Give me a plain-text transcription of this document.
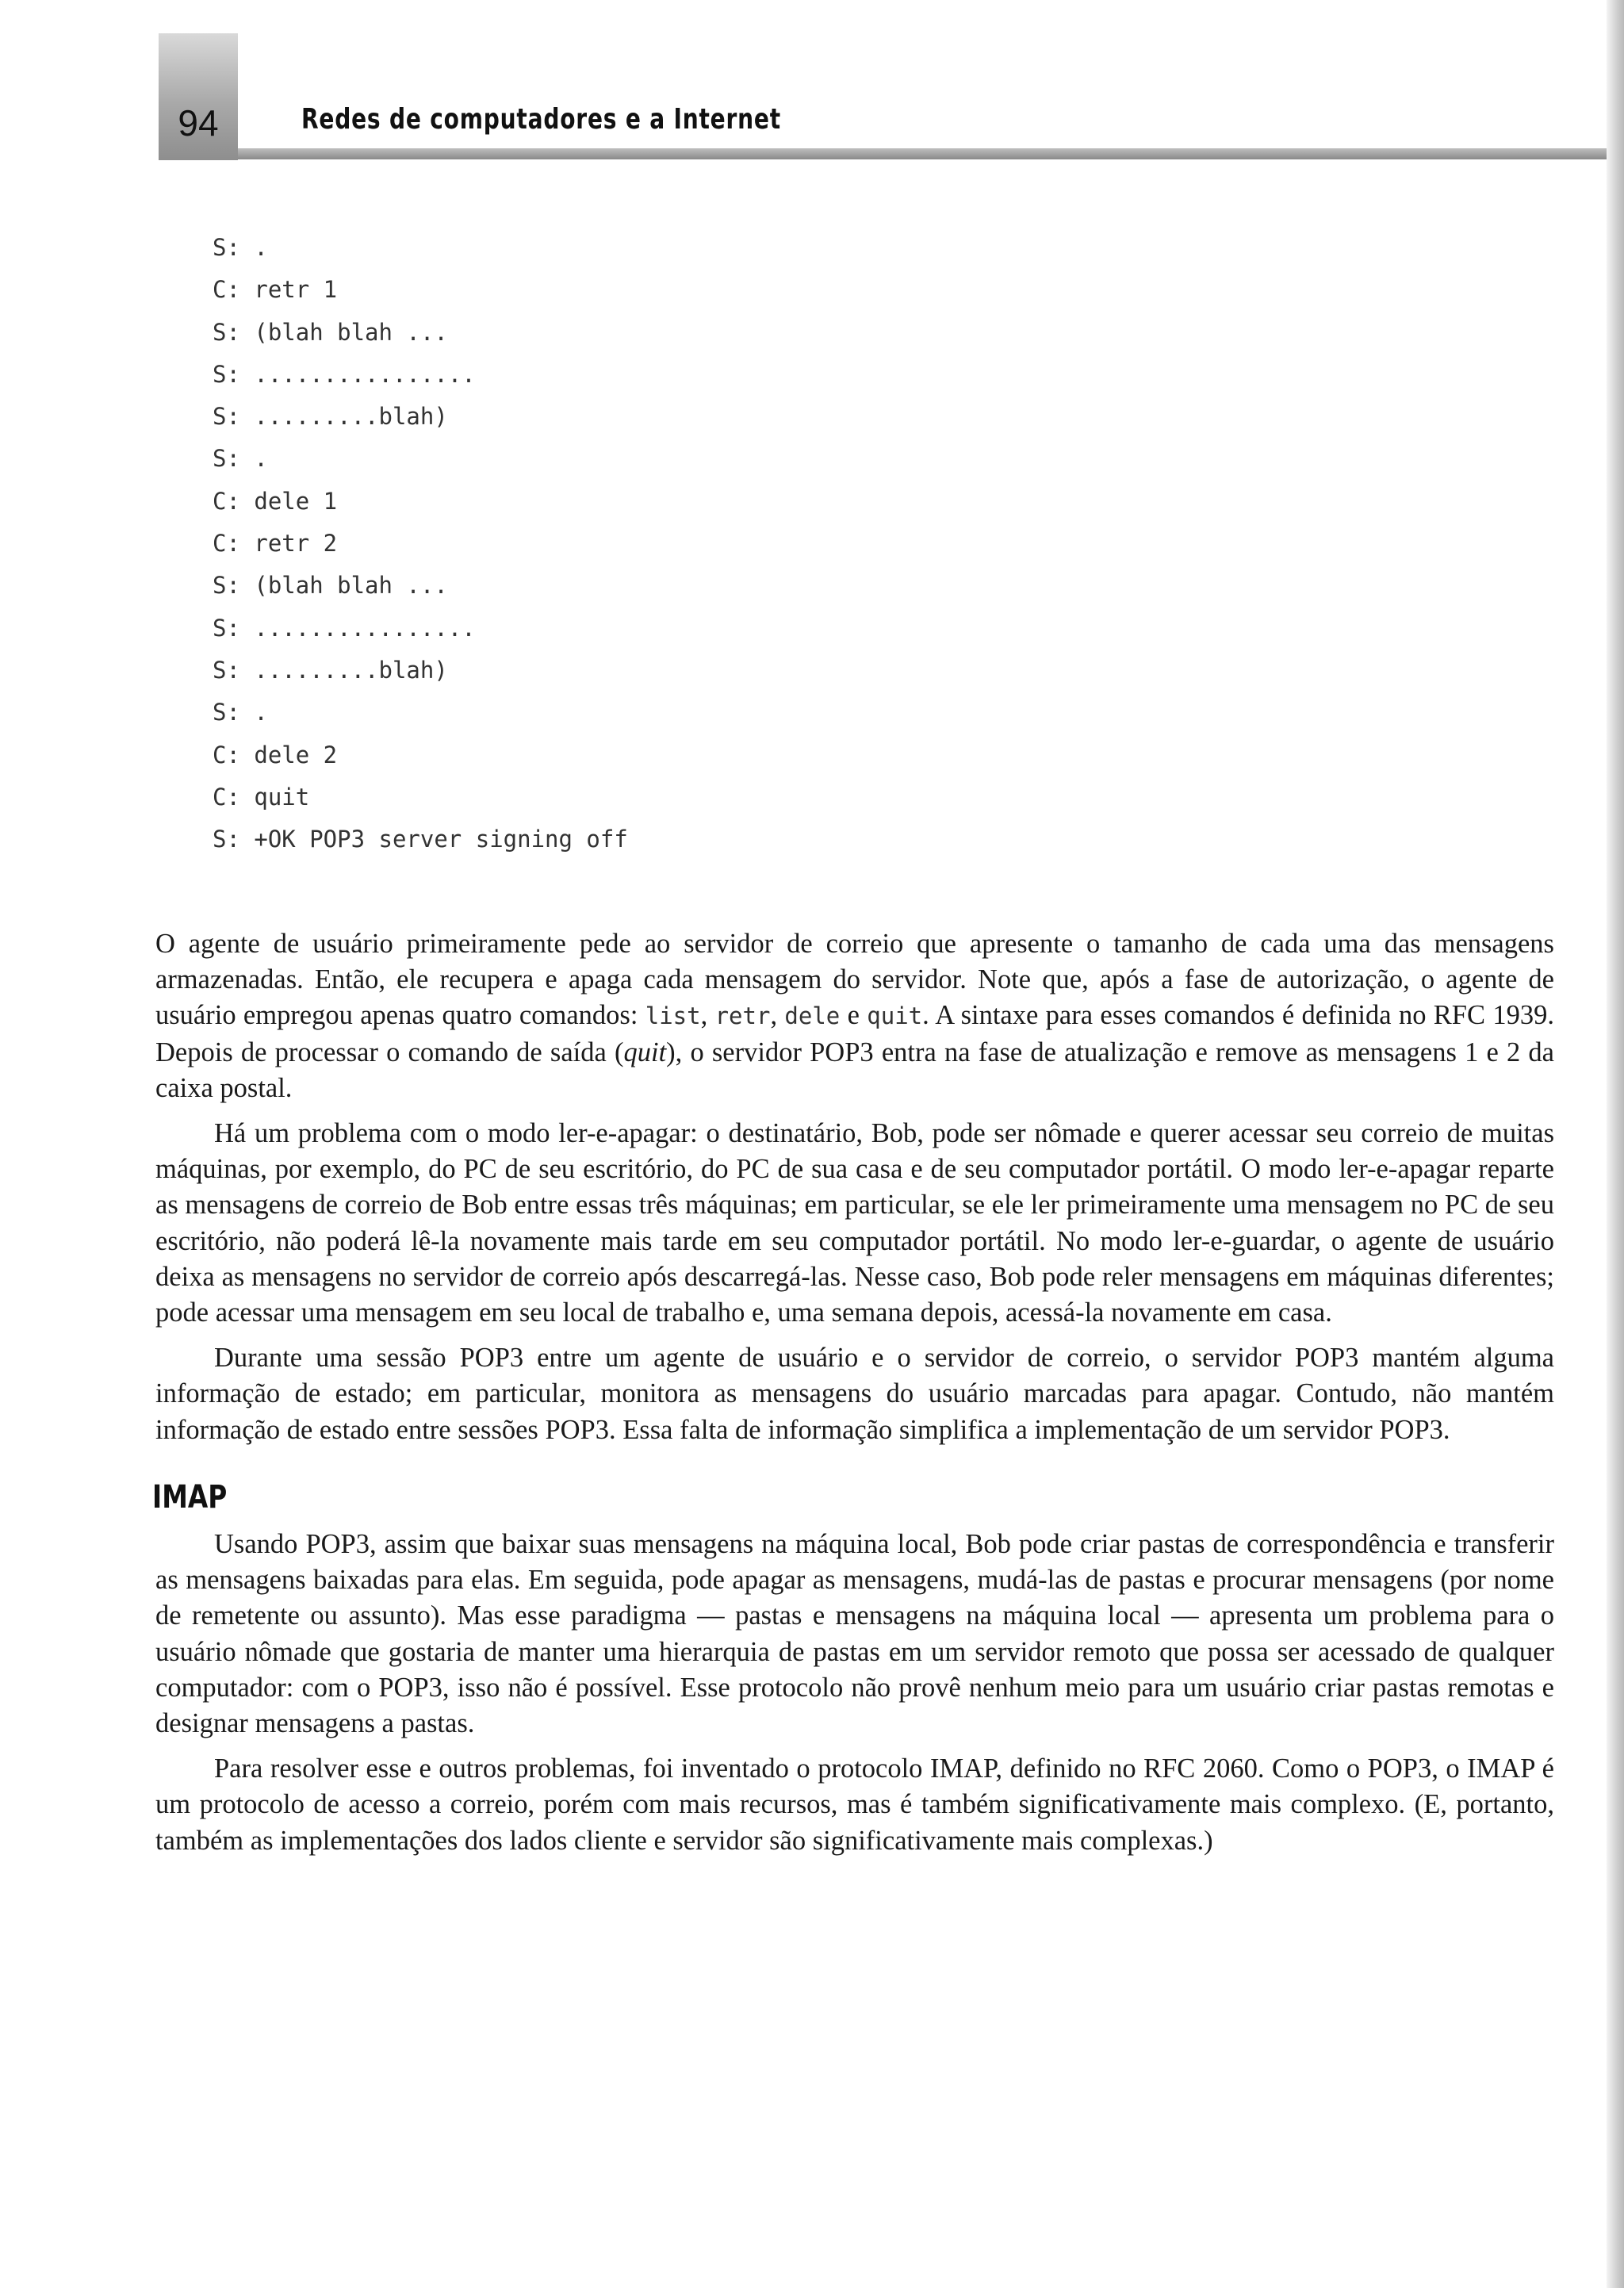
94	Redes de computadores e a Internet
S: .
C: retr 1
S: (blah blah ...
S: ................
S: .........blah)
S: .
C: dele 1
C: retr 2
S: (blah blah ...
S: ................
S: .........blah)
S: .
C: dele 2
C: quit
S: +OK POP3 server signing off

O agente de usuário primeiramente pede ao servidor de correio que apresente o tamanho de cada uma das mensagens armazenadas. Então, ele recupera e apaga cada mensagem do servidor. Note que, após a fase de autorização, o agente de usuário empregou apenas quatro comandos: list, retr, dele e quit. A sintaxe para esses comandos é definida no RFC 1939. Depois de processar o comando de saída (quit), o servidor POP3 entra na fase de atualização e remove as mensagens 1 e 2 da caixa postal.

Há um problema com o modo ler-e-apagar: o destinatário, Bob, pode ser nômade e querer acessar seu correio de muitas máquinas, por exemplo, do PC de seu escritório, do PC de sua casa e de seu computador portátil. O modo ler-e-apagar reparte as mensagens de correio de Bob entre essas três máquinas; em particular, se ele ler primeiramente uma mensagem no PC de seu escritório, não poderá lê-la novamente mais tarde em seu computador portátil. No modo ler-e-guardar, o agente de usuário deixa as mensagens no servidor de correio após descarregá-las. Nesse caso, Bob pode reler mensagens em máquinas diferentes; pode acessar uma mensagem em seu local de trabalho e, uma semana depois, acessá-la novamente em casa.

Durante uma sessão POP3 entre um agente de usuário e o servidor de correio, o servidor POP3 mantém alguma informação de estado; em particular, monitora as mensagens do usuário marcadas para apagar. Contudo, não mantém informação de estado entre sessões POP3. Essa falta de informação simplifica a implementação de um servidor POP3.

IMAP

Usando POP3, assim que baixar suas mensagens na máquina local, Bob pode criar pastas de correspondência e transferir as mensagens baixadas para elas. Em seguida, pode apagar as mensagens, mudá-las de pastas e procurar mensagens (por nome de remetente ou assunto). Mas esse paradigma — pastas e mensagens na máquina local — apresenta um problema para o usuário nômade que gostaria de manter uma hierarquia de pastas em um servidor remoto que possa ser acessado de qualquer computador: com o POP3, isso não é possível. Esse protocolo não provê nenhum meio para um usuário criar pastas remotas e designar mensagens a pastas.

Para resolver esse e outros problemas, foi inventado o protocolo IMAP, definido no RFC 2060. Como o POP3, o IMAP é um protocolo de acesso a correio, porém com mais recursos, mas é também significativamente mais complexo. (E, portanto, também as implementações dos lados cliente e servidor são significativamente mais complexas.)
